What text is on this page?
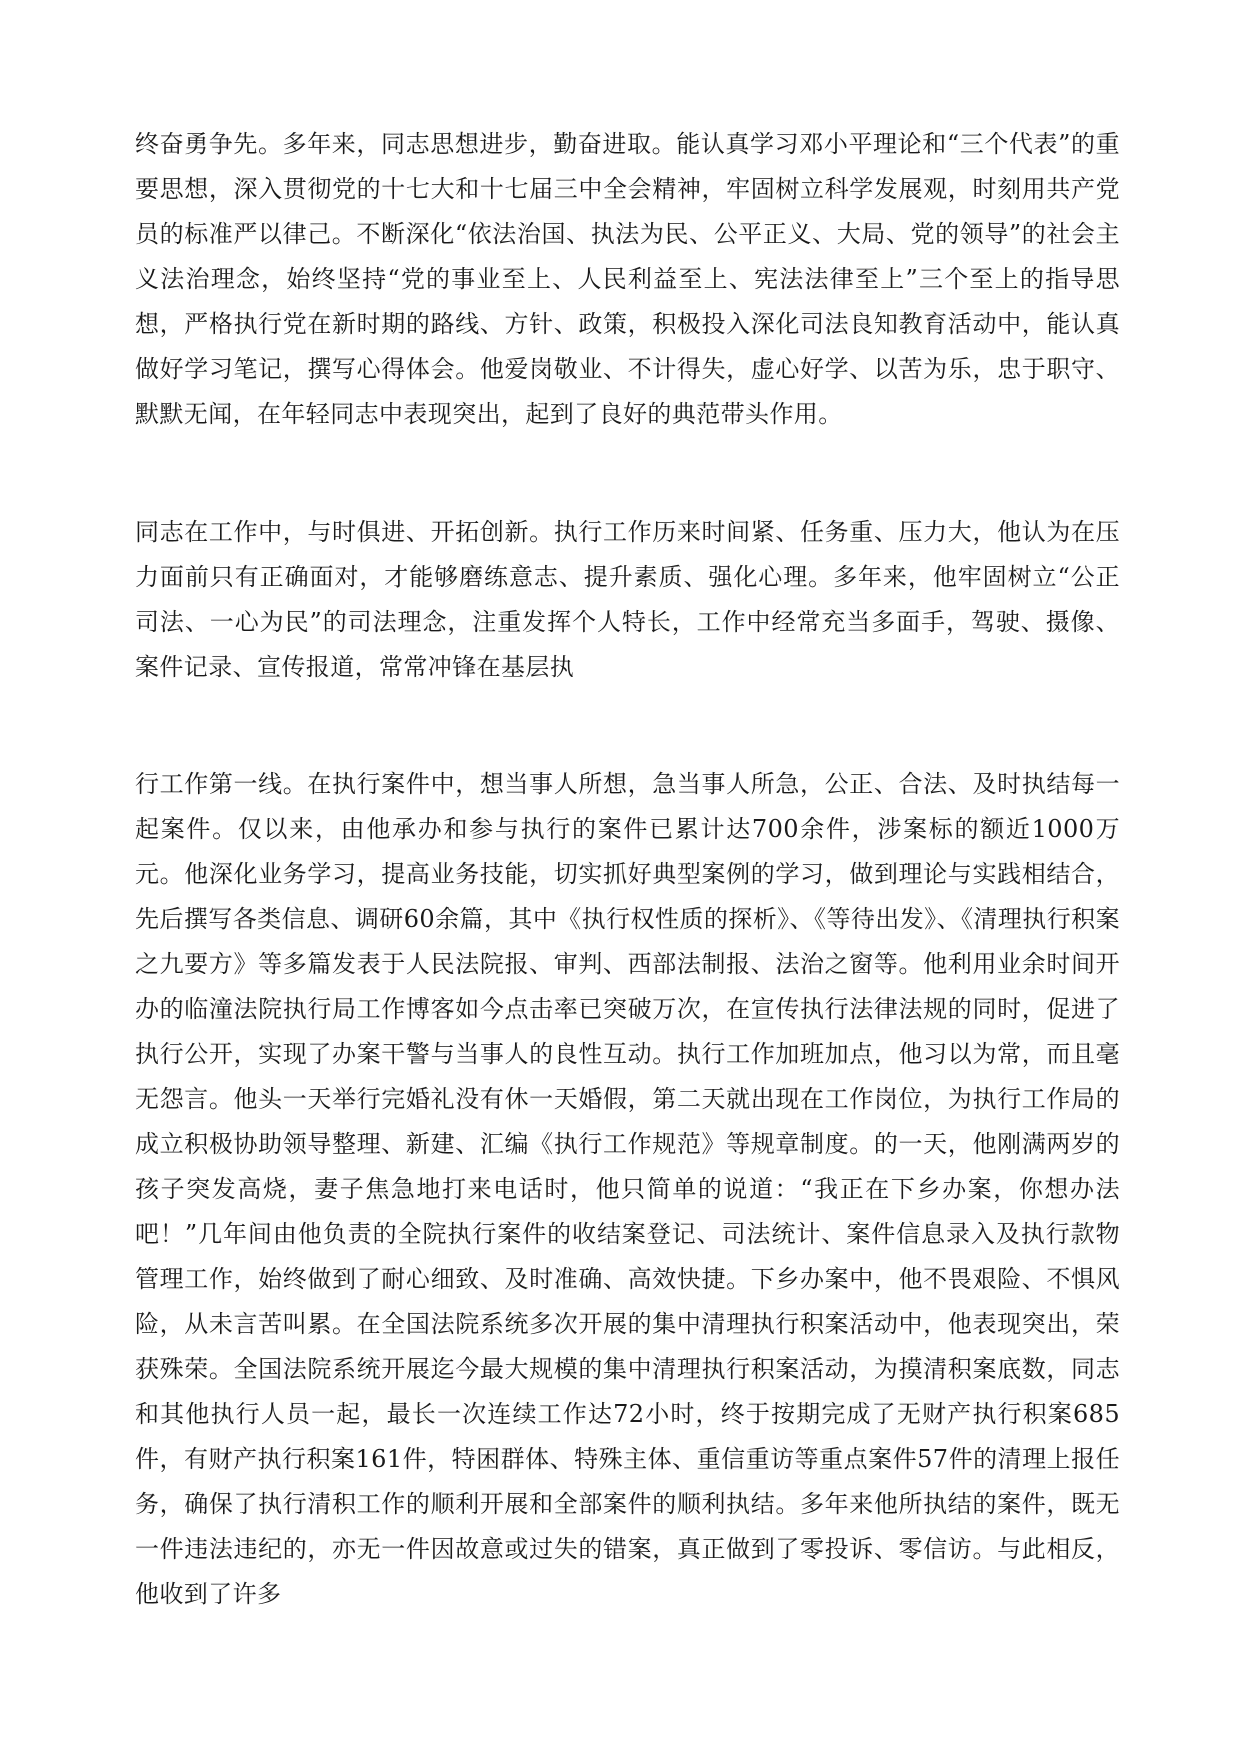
终奋勇争先。多年来，同志思想进步，勤奋进取。能认真学习邓小平理论和“三个代表”的重要思想，深入贯彻党的十七大和十七届三中全会精神，牢固树立科学发展观，时刻用共产党员的标准严以律己。不断深化“依法治国、执法为民、公平正义、大局、党的领导”的社会主义法治理念，始终坚持“党的事业至上、人民利益至上、宪法法律至上”三个至上的指导思想，严格执行党在新时期的路线、方针、政策，积极投入深化司法良知教育活动中，能认真做好学习笔记，撰写心得体会。他爱岗敬业、不计得失，虚心好学、以苦为乐，忠于职守、默默无闻，在年轻同志中表现突出，起到了良好的典范带头作用。

同志在工作中，与时俱进、开拓创新。执行工作历来时间紧、任务重、压力大，他认为在压力面前只有正确面对，才能够磨练意志、提升素质、强化心理。多年来，他牢固树立“公正司法、一心为民”的司法理念，注重发挥个人特长，工作中经常充当多面手，驾驶、摄像、案件记录、宣传报道，常常冲锋在基层执

行工作第一线。在执行案件中，想当事人所想，急当事人所急，公正、合法、及时执结每一起案件。仅以来，由他承办和参与执行的案件已累计达700余件，涉案标的额近1000万元。他深化业务学习，提高业务技能，切实抓好典型案例的学习，做到理论与实践相结合，先后撰写各类信息、调研60余篇，其中《执行权性质的探析》、《等待出发》、《清理执行积案之九要方》等多篇发表于人民法院报、审判、西部法制报、法治之窗等。他利用业余时间开办的临潼法院执行局工作博客如今点击率已突破万次，在宣传执行法律法规的同时，促进了执行公开，实现了办案干警与当事人的良性互动。执行工作加班加点，他习以为常，而且毫无怨言。他头一天举行完婚礼没有休一天婚假，第二天就出现在工作岗位，为执行工作局的成立积极协助领导整理、新建、汇编《执行工作规范》等规章制度。的一天，他刚满两岁的孩子突发高烧，妻子焦急地打来电话时，他只简单的说道：“我正在下乡办案，你想办法吧！”几年间由他负责的全院执行案件的收结案登记、司法统计、案件信息录入及执行款物管理工作，始终做到了耐心细致、及时准确、高效快捷。下乡办案中，他不畏艰险、不惧风险，从未言苦叫累。在全国法院系统多次开展的集中清理执行积案活动中，他表现突出，荣获殊荣。全国法院系统开展迄今最大规模的集中清理执行积案活动，为摸清积案底数，同志和其他执行人员一起，最长一次连续工作达72小时，终于按期完成了无财产执行积案685件，有财产执行积案161件，特困群体、特殊主体、重信重访等重点案件57件的清理上报任务，确保了执行清积工作的顺利开展和全部案件的顺利执结。多年来他所执结的案件，既无一件违法违纪的，亦无一件因故意或过失的错案，真正做到了零投诉、零信访。与此相反，他收到了许多
